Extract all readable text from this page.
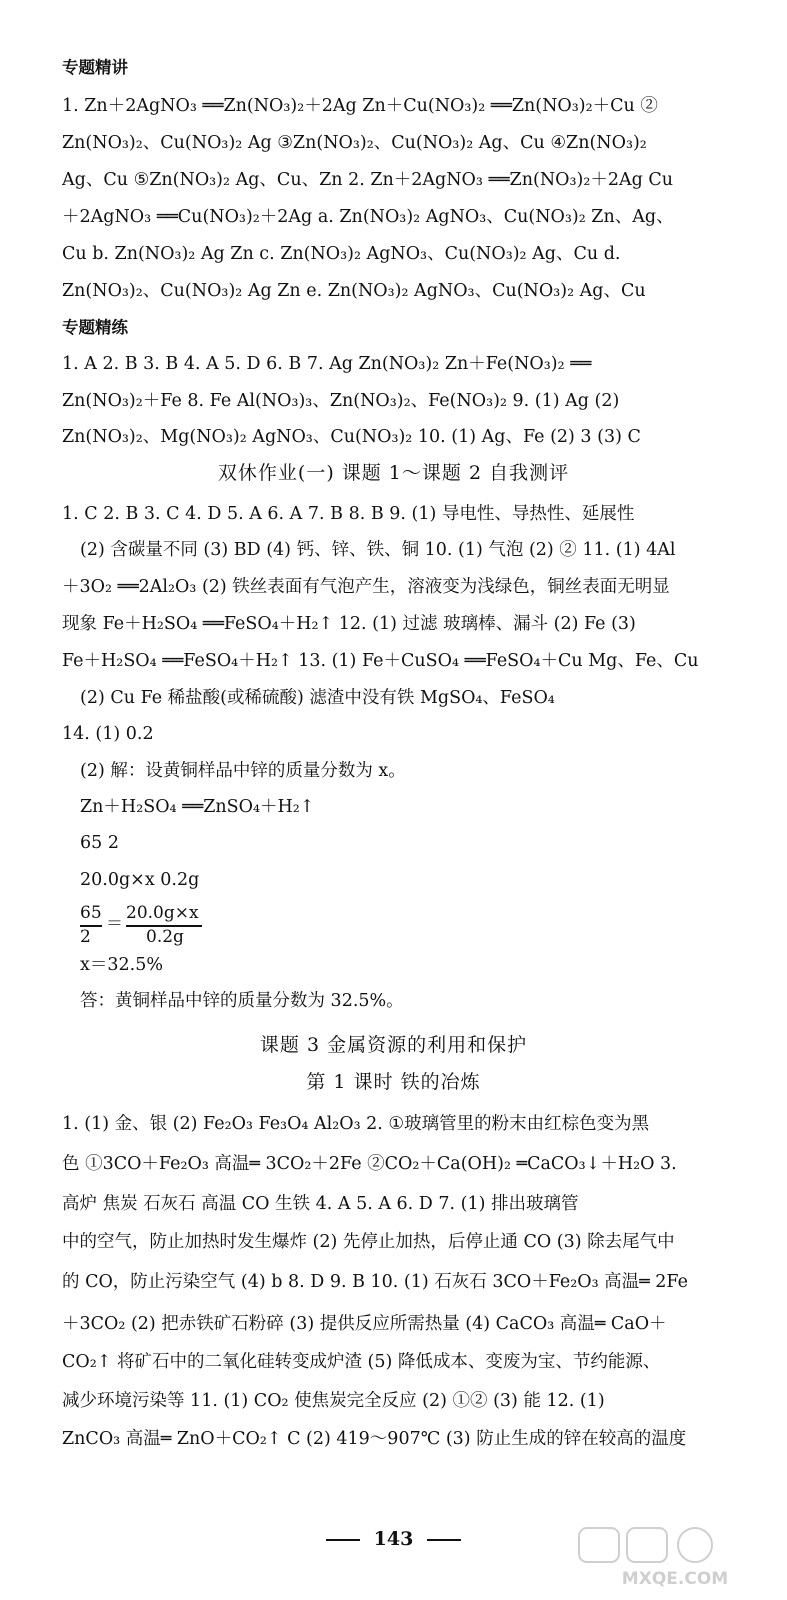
专题精讲
1. Zn＋2AgNO₃ ══Zn(NO₃)₂＋2Ag Zn＋Cu(NO₃)₂ ══Zn(NO₃)₂＋Cu ②
Zn(NO₃)₂、Cu(NO₃)₂ Ag ③Zn(NO₃)₂、Cu(NO₃)₂ Ag、Cu ④Zn(NO₃)₂
Ag、Cu ⑤Zn(NO₃)₂ Ag、Cu、Zn 2. Zn＋2AgNO₃ ══Zn(NO₃)₂＋2Ag Cu
＋2AgNO₃ ══Cu(NO₃)₂＋2Ag a. Zn(NO₃)₂ AgNO₃、Cu(NO₃)₂ Zn、Ag、
Cu b. Zn(NO₃)₂ Ag Zn c. Zn(NO₃)₂ AgNO₃、Cu(NO₃)₂ Ag、Cu d.
Zn(NO₃)₂、Cu(NO₃)₂ Ag Zn e. Zn(NO₃)₂ AgNO₃、Cu(NO₃)₂ Ag、Cu
专题精练
1. A 2. B 3. B 4. A 5. D 6. B 7. Ag Zn(NO₃)₂ Zn＋Fe(NO₃)₂ ══
Zn(NO₃)₂＋Fe 8. Fe Al(NO₃)₃、Zn(NO₃)₂、Fe(NO₃)₂ 9. (1) Ag (2)
Zn(NO₃)₂、Mg(NO₃)₂ AgNO₃、Cu(NO₃)₂ 10. (1) Ag、Fe (2) 3 (3) C
双休作业(一) 课题 1～课题 2 自我测评
1. C 2. B 3. C 4. D 5. A 6. A 7. B 8. B 9. (1) 导电性、导热性、延展性
(2) 含碳量不同 (3) BD (4) 钙、锌、铁、铜 10. (1) 气泡 (2) ② 11. (1) 4Al
＋3O₂ ══2Al₂O₃ (2) 铁丝表面有气泡产生，溶液变为浅绿色，铜丝表面无明显
现象 Fe＋H₂SO₄ ══FeSO₄＋H₂↑ 12. (1) 过滤 玻璃棒、漏斗 (2) Fe (3)
Fe＋H₂SO₄ ══FeSO₄＋H₂↑ 13. (1) Fe＋CuSO₄ ══FeSO₄＋Cu Mg、Fe、Cu
(2) Cu Fe 稀盐酸(或稀硫酸) 滤渣中没有铁 MgSO₄、FeSO₄
14. (1) 0.2
(2) 解：设黄铜样品中锌的质量分数为 x。
Zn＋H₂SO₄ ══ZnSO₄＋H₂↑
65 2
20.0g×x 0.2g
x＝32.5%
答：黄铜样品中锌的质量分数为 32.5%。
课题 3 金属资源的利用和保护
第 1 课时 铁的冶炼
1. (1) 金、银 (2) Fe₂O₃ Fe₃O₄ Al₂O₃ 2. ①玻璃管里的粉末由红棕色变为黑
色 ①3CO＋Fe₂O₃ 高温═ 3CO₂＋2Fe ②CO₂＋Ca(OH)₂ ═CaCO₃↓＋H₂O 3.
高炉 焦炭 石灰石 高温 CO 生铁 4. A 5. A 6. D 7. (1) 排出玻璃管
中的空气，防止加热时发生爆炸 (2) 先停止加热，后停止通 CO (3) 除去尾气中
的 CO，防止污染空气 (4) b 8. D 9. B 10. (1) 石灰石 3CO＋Fe₂O₃ 高温═ 2Fe
＋3CO₂ (2) 把赤铁矿石粉碎 (3) 提供反应所需热量 (4) CaCO₃ 高温═ CaO＋
CO₂↑ 将矿石中的二氧化硅转变成炉渣 (5) 降低成本、变废为宝、节约能源、
减少环境污染等 11. (1) CO₂ 使焦炭完全反应 (2) ①② (3) 能 12. (1)
ZnCO₃ 高温═ ZnO＋CO₂↑ C (2) 419～907℃ (3) 防止生成的锌在较高的温度
65
2
＝
20.0g×x
0.2g
143
MXQE.COM
